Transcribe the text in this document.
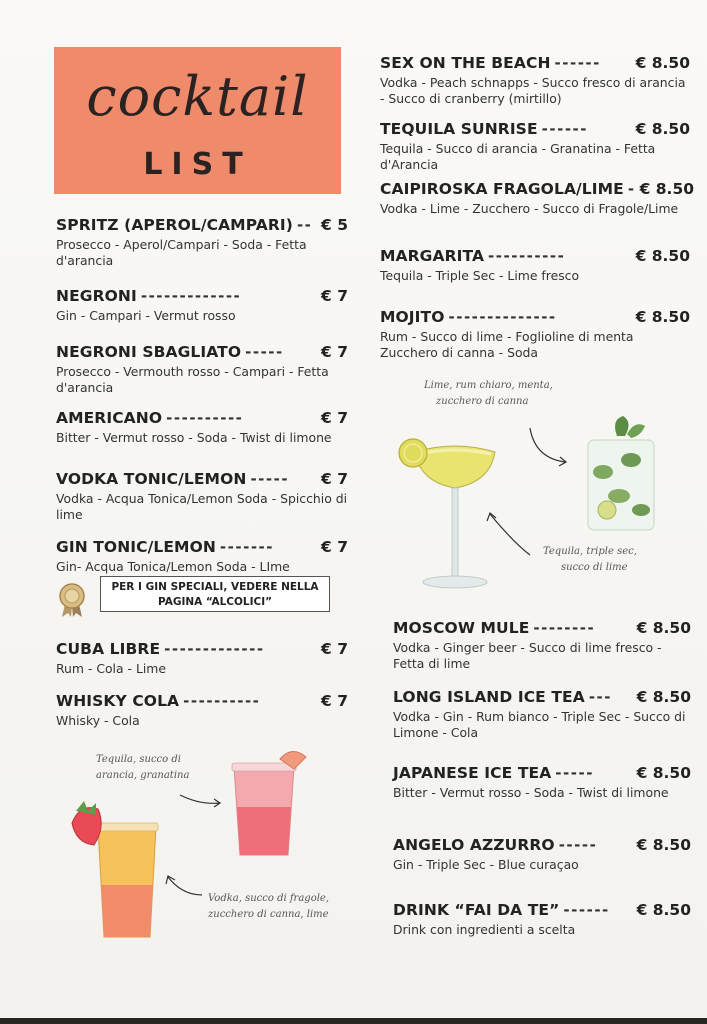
cocktail
LIST
SPRITZ (APEROL/CAMPARI) -- € 5
Prosecco - Aperol/Campari - Soda - Fetta d'arancia
NEGRONI -------------	€ 7
Gin - Campari - Vermut rosso
NEGRONI SBAGLIATO -----	€ 7
Prosecco - Vermouth rosso - Campari - Fetta d'arancia
AMERICANO ----------	€ 7
Bitter - Vermut rosso - Soda - Twist di limone
VODKA TONIC/LEMON -----	€ 7
Vodka - Acqua Tonica/Lemon Soda - Spicchio di lime
GIN TONIC/LEMON -------	€ 7
Gin- Acqua Tonica/Lemon Soda - LIme
PER I GIN SPECIALI, VEDERE NELLA
PAGINA “ALCOLICI”
CUBA LIBRE -------------	€ 7
Rum - Cola - Lime
WHISKY COLA ----------	€ 7
Whisky - Cola
SEX ON THE BEACH ------	€ 8.50
Vodka - Peach schnapps - Succo fresco di arancia - Succo di cranberry (mirtillo)
TEQUILA SUNRISE ------	€ 8.50
Tequila - Succo di arancia - Granatina - Fetta d'Arancia
CAIPIROSKA FRAGOLA/LIME - € 8.50
Vodka - Lime - Zucchero - Succo di Fragole/Lime
MARGARITA ----------	€ 8.50
Tequila - Triple Sec - Lime fresco
MOJITO --------------	€ 8.50
Rum - Succo di lime - Foglioline di menta Zucchero di canna - Soda
Lime, rum chiaro, menta,
zucchero di canna
Tequila, triple sec,
succo di lime
MOSCOW MULE --------	€ 8.50
Vodka - Ginger beer - Succo di lime fresco - Fetta di lime
LONG ISLAND ICE TEA ---	€ 8.50
Vodka - Gin - Rum bianco - Triple Sec - Succo di Limone - Cola
JAPANESE ICE TEA -----	€ 8.50
Bitter - Vermut rosso - Soda - Twist di limone
ANGELO AZZURRO -----	€ 8.50
Gin - Triple Sec - Blue curaçao
DRINK “FAI DA TE” ------	€ 8.50
Drink con ingredienti a scelta
Tequila, succo di
arancia, granatina
Vodka, succo di fragole,
zucchero di canna, lime
